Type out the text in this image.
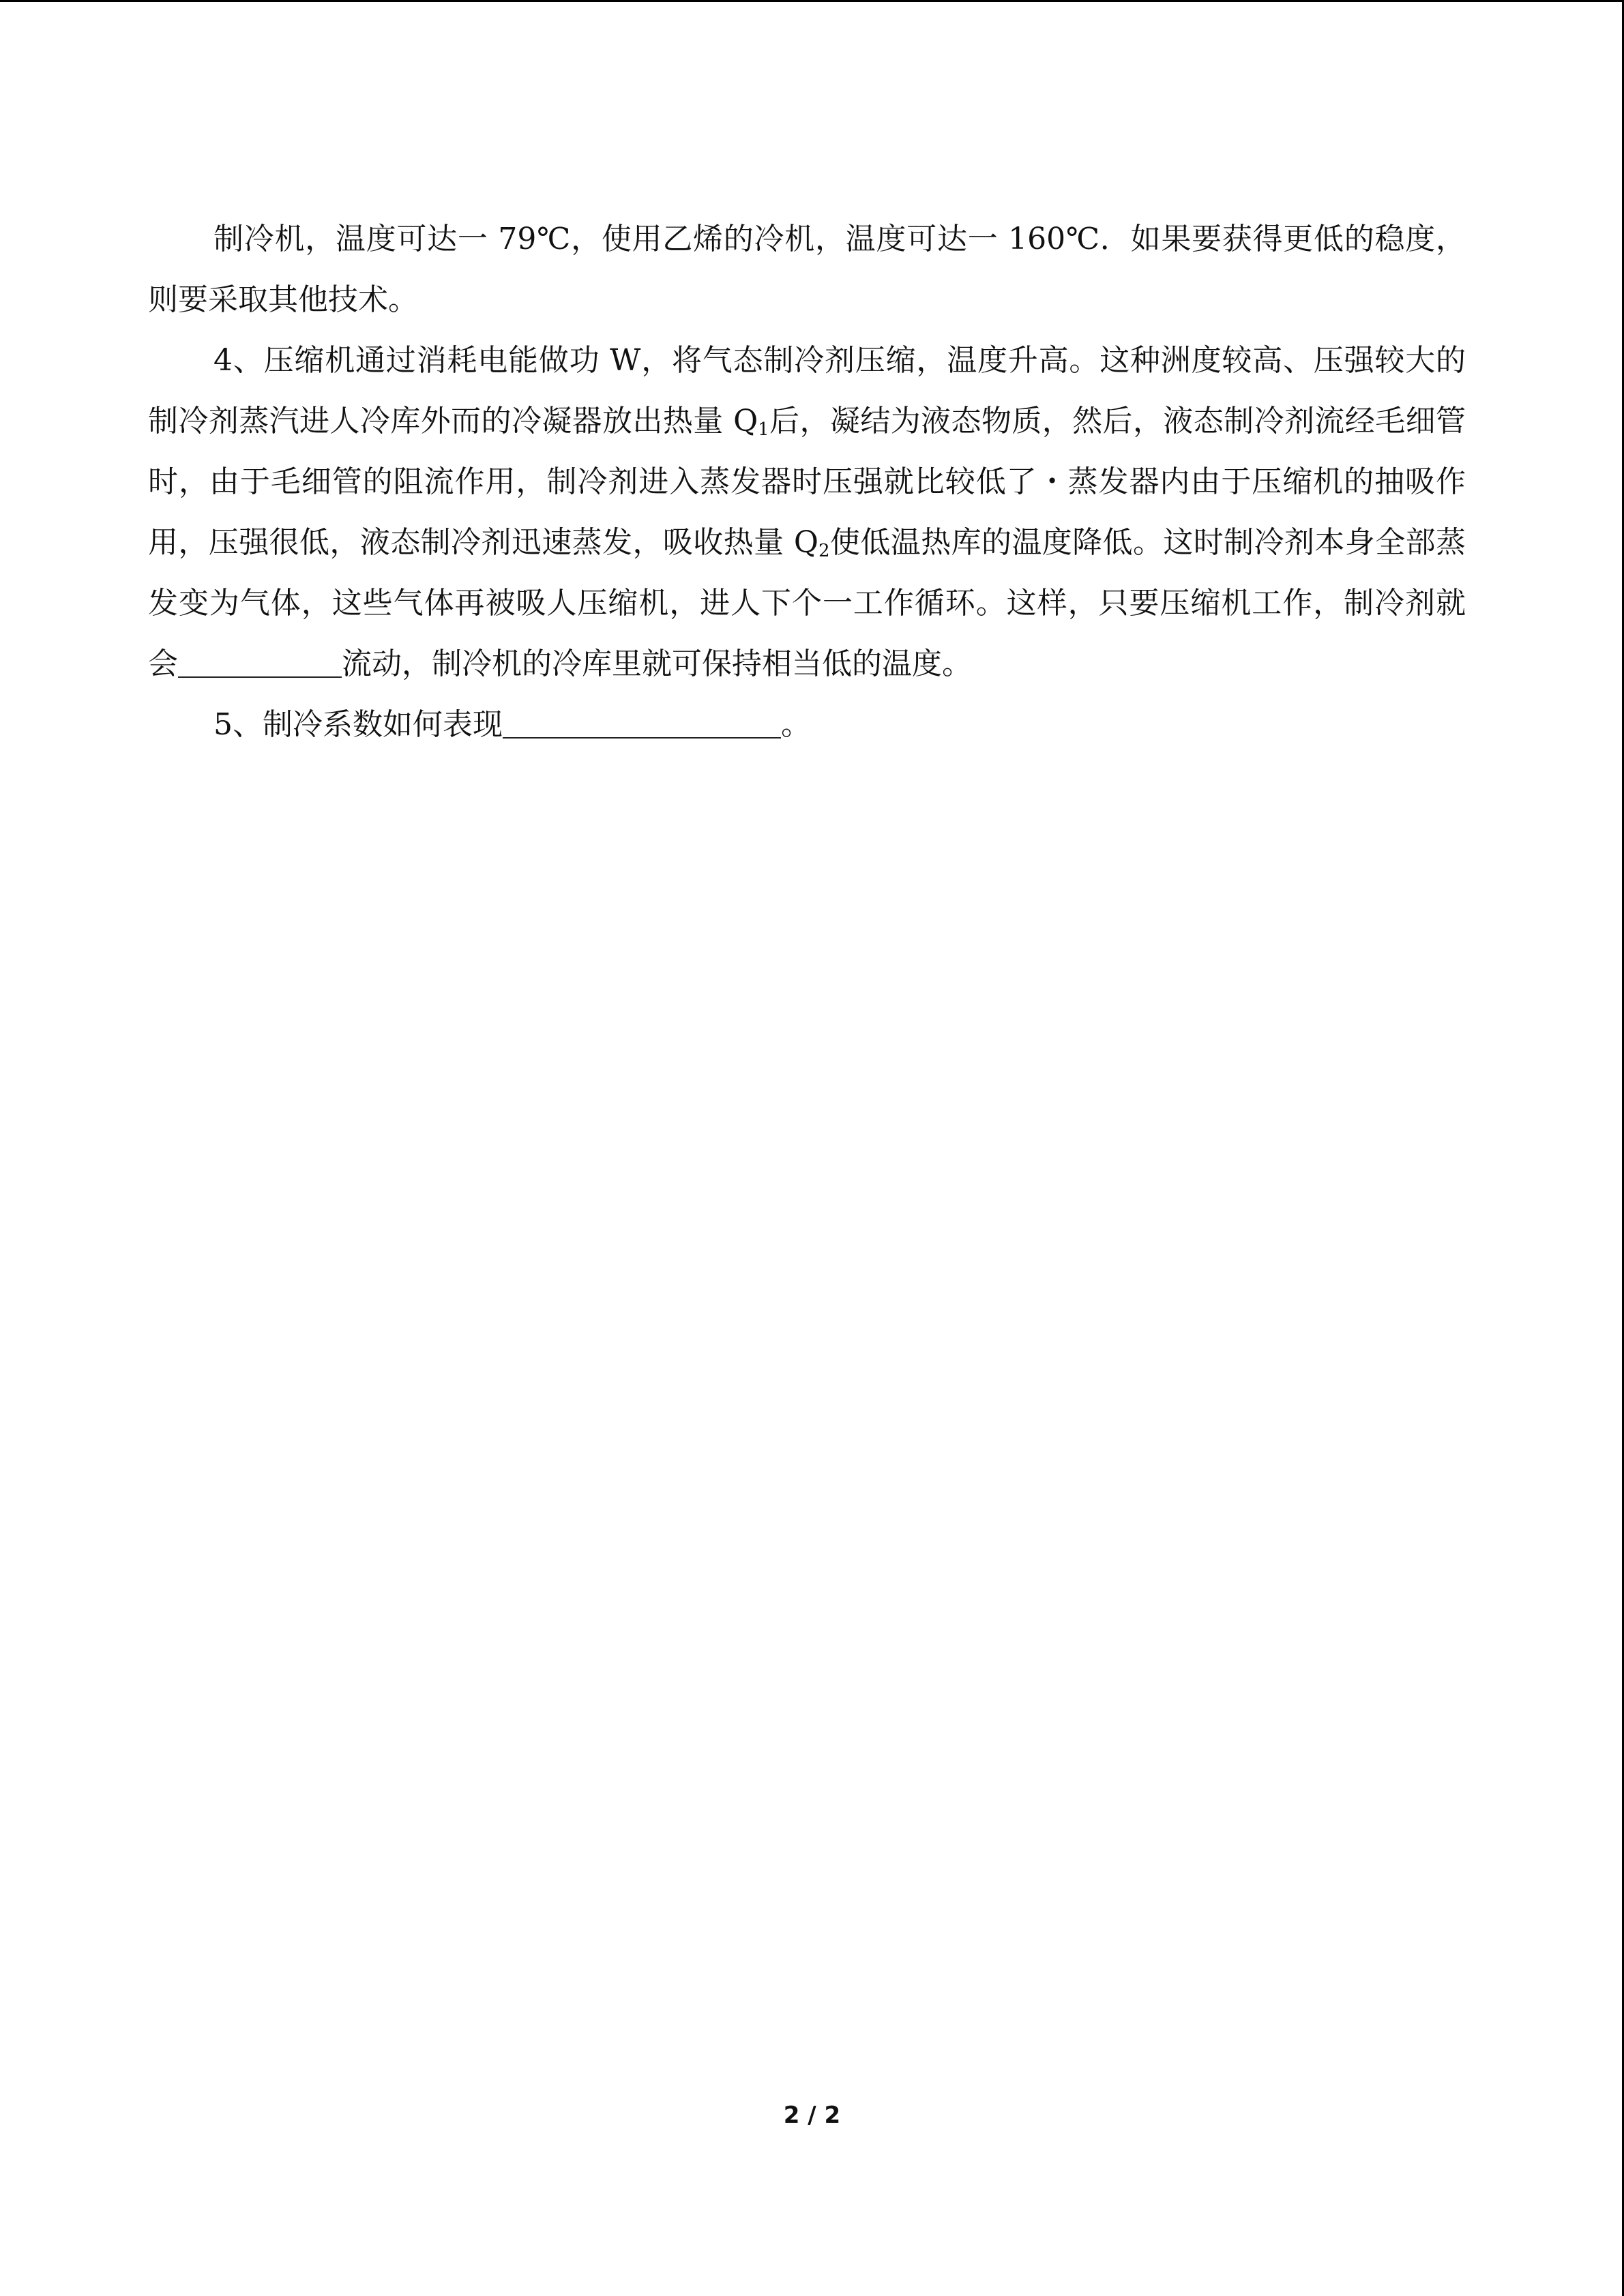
制冷机，温度可达一 79℃，使用乙烯的冷机，温度可达一 160℃．如果要获得更低的稳度，则要采取其他技术。

4、压缩机通过消耗电能做功 W，将气态制冷剂压缩，温度升高。这种洲度较高、压强较大的制冷剂蒸汽进人冷库外而的冷凝器放出热量 $Q_1$后，凝结为液态物质，然后，液态制冷剂流经毛细管时，由于毛细管的阻流作用，制冷剂进入蒸发器时压强就比较低了・蒸发器内由于压缩机的抽吸作用，压强很低，液态制冷剂迅速蒸发，吸收热量 $Q_2$使低温热库的温度降低。这时制冷剂本身全部蒸发变为气体，这些气体再被吸人压缩机，进人下个一工作循环。这样，只要压缩机工作，制冷剂就会	流动，制冷机的冷库里就可保持相当低的温度。

5、制冷系数如何表现	。

2 / 2
